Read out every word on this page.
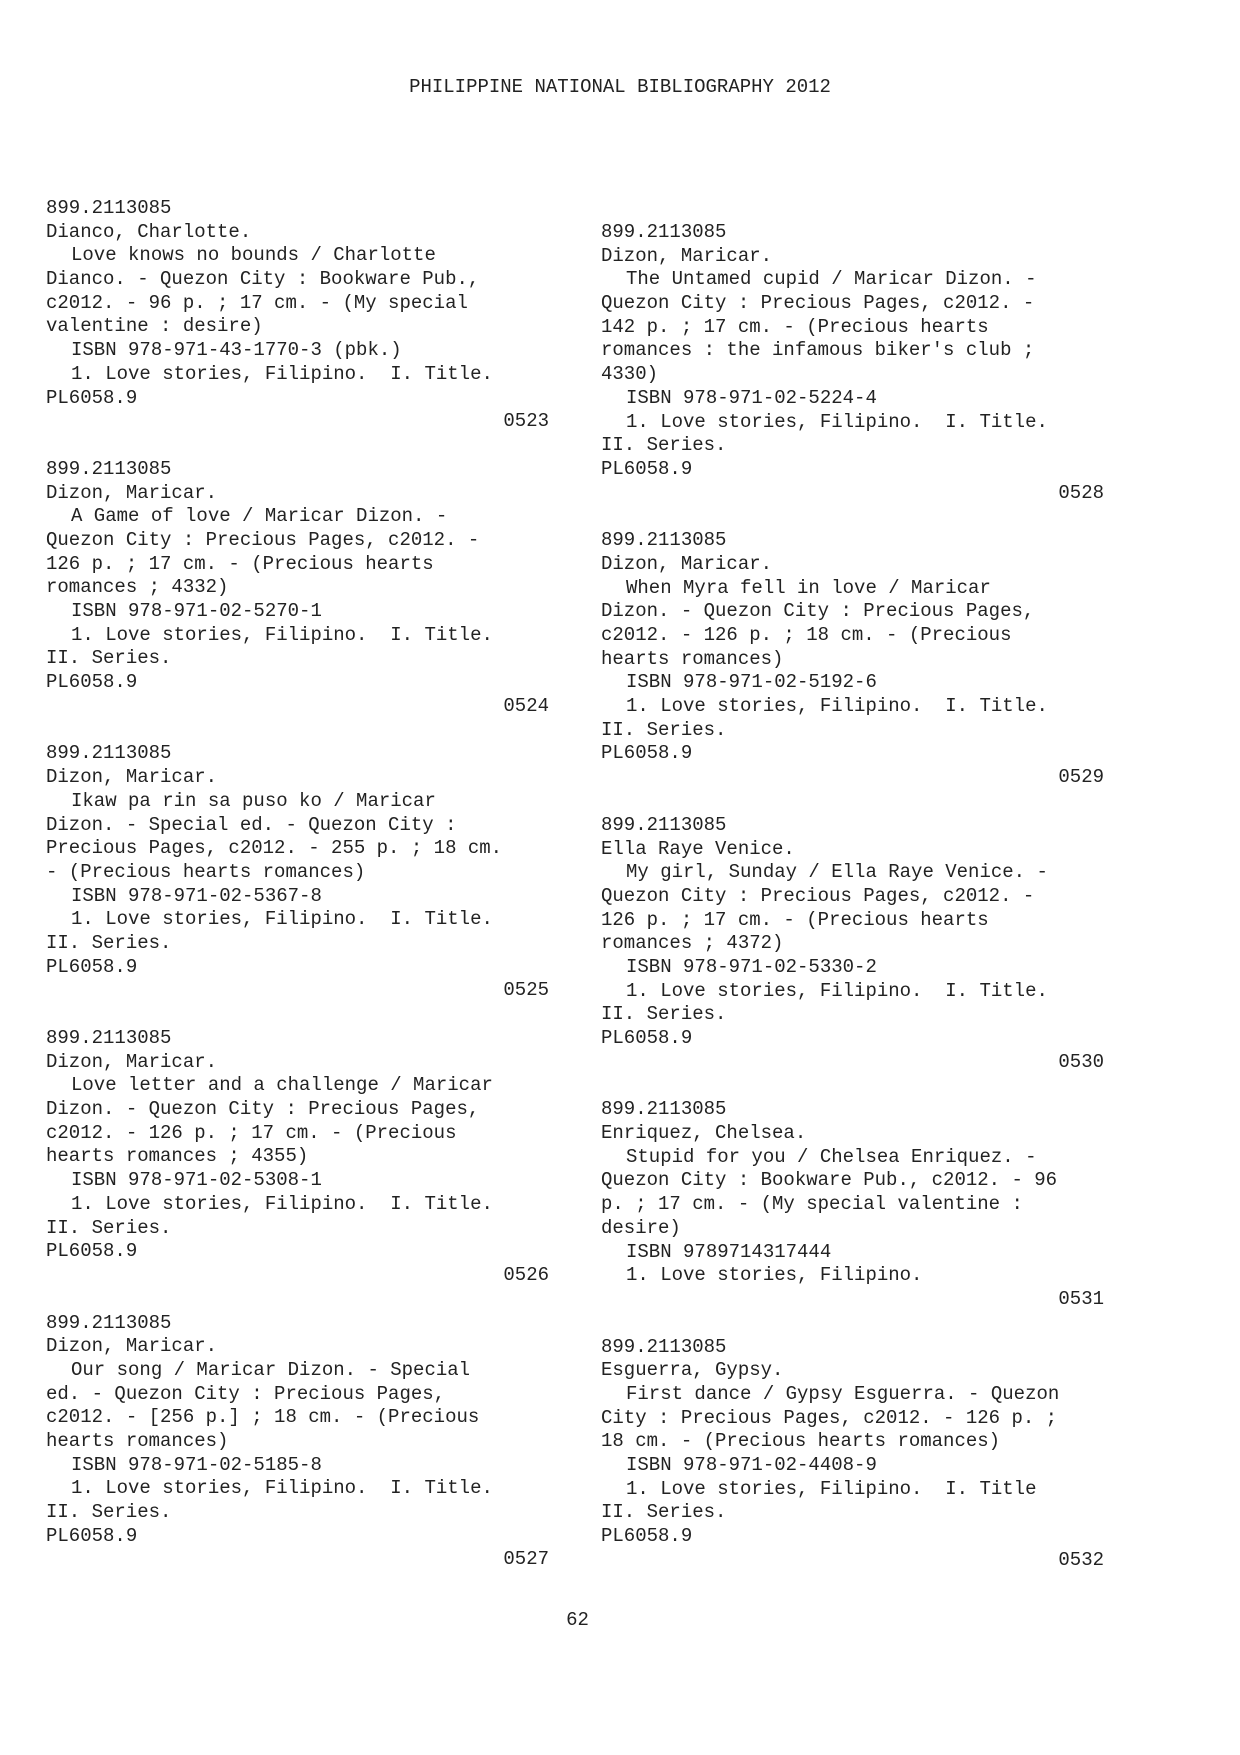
PHILIPPINE NATIONAL BIBLIOGRAPHY 2012
899.2113085
Dianco, Charlotte.
Love knows no bounds / Charlotte
Dianco. - Quezon City : Bookware Pub.,
c2012. - 96 p. ; 17 cm. - (My special
valentine : desire)
ISBN 978-971-43-1770-3 (pbk.)
1. Love stories, Filipino.  I. Title.
PL6058.9
0523
899.2113085
Dizon, Maricar.
A Game of love / Maricar Dizon. -
Quezon City : Precious Pages, c2012. -
126 p. ; 17 cm. - (Precious hearts
romances ; 4332)
ISBN 978-971-02-5270-1
1. Love stories, Filipino.  I. Title.
II. Series.
PL6058.9
0524
899.2113085
Dizon, Maricar.
Ikaw pa rin sa puso ko / Maricar
Dizon. - Special ed. - Quezon City :
Precious Pages, c2012. - 255 p. ; 18 cm.
- (Precious hearts romances)
ISBN 978-971-02-5367-8
1. Love stories, Filipino.  I. Title.
II. Series.
PL6058.9
0525
899.2113085
Dizon, Maricar.
Love letter and a challenge / Maricar
Dizon. - Quezon City : Precious Pages,
c2012. - 126 p. ; 17 cm. - (Precious
hearts romances ; 4355)
ISBN 978-971-02-5308-1
1. Love stories, Filipino.  I. Title.
II. Series.
PL6058.9
0526
899.2113085
Dizon, Maricar.
Our song / Maricar Dizon. - Special
ed. - Quezon City : Precious Pages,
c2012. - [256 p.] ; 18 cm. - (Precious
hearts romances)
ISBN 978-971-02-5185-8
1. Love stories, Filipino.  I. Title.
II. Series.
PL6058.9
0527
899.2113085
Dizon, Maricar.
The Untamed cupid / Maricar Dizon. -
Quezon City : Precious Pages, c2012. -
142 p. ; 17 cm. - (Precious hearts
romances : the infamous biker's club ;
4330)
ISBN 978-971-02-5224-4
1. Love stories, Filipino.  I. Title.
II. Series.
PL6058.9
0528
899.2113085
Dizon, Maricar.
When Myra fell in love / Maricar
Dizon. - Quezon City : Precious Pages,
c2012. - 126 p. ; 18 cm. - (Precious
hearts romances)
ISBN 978-971-02-5192-6
1. Love stories, Filipino.  I. Title.
II. Series.
PL6058.9
0529
899.2113085
Ella Raye Venice.
My girl, Sunday / Ella Raye Venice. -
Quezon City : Precious Pages, c2012. -
126 p. ; 17 cm. - (Precious hearts
romances ; 4372)
ISBN 978-971-02-5330-2
1. Love stories, Filipino.  I. Title.
II. Series.
PL6058.9
0530
899.2113085
Enriquez, Chelsea.
Stupid for you / Chelsea Enriquez. -
Quezon City : Bookware Pub., c2012. - 96
p. ; 17 cm. - (My special valentine :
desire)
ISBN 9789714317444
1. Love stories, Filipino.
0531
899.2113085
Esguerra, Gypsy.
First dance / Gypsy Esguerra. - Quezon
City : Precious Pages, c2012. - 126 p. ;
18 cm. - (Precious hearts romances)
ISBN 978-971-02-4408-9
1. Love stories, Filipino.  I. Title
II. Series.
PL6058.9
0532
62
